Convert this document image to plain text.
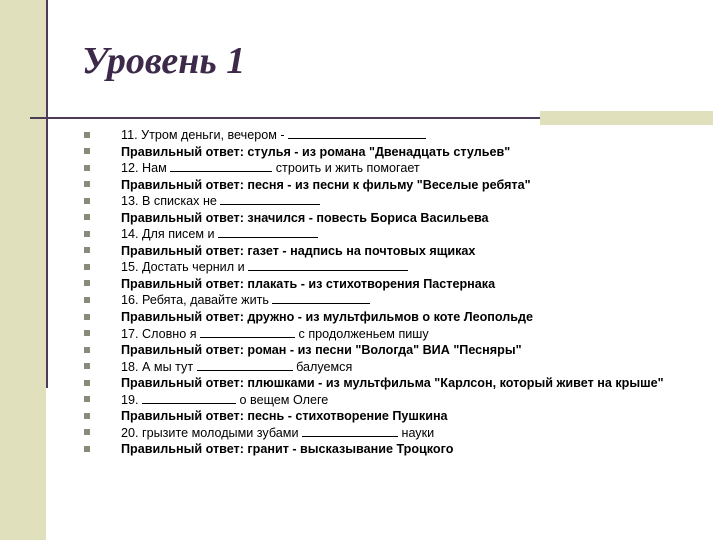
Уровень 1
11. Утром деньги, вечером -
Правильный ответ: стулья - из романа "Двенадцать стульев"
12. Нам	строить и жить помогает
Правильный ответ: песня - из песни к фильму "Веселые ребята"
13. В списках не
Правильный ответ: значился - повесть Бориса Васильева
14. Для писем и
Правильный ответ: газет - надпись на почтовых ящиках
15. Достать чернил и
Правильный ответ: плакать - из стихотворения Пастернака
16. Ребята, давайте жить
Правильный ответ: дружно - из мультфильмов о коте Леопольде
17. Словно я	с продолженьем пишу
Правильный ответ: роман - из песни "Вологда" ВИА "Песняры"
18. А мы тут	балуемся
Правильный ответ: плюшками - из мультфильма "Карлсон, который живет на крыше"
19.	о вещем Олеге
Правильный ответ: песнь - стихотворение Пушкина
20. грызите молодыми зубами	науки
Правильный ответ: гранит - высказывание Троцкого
